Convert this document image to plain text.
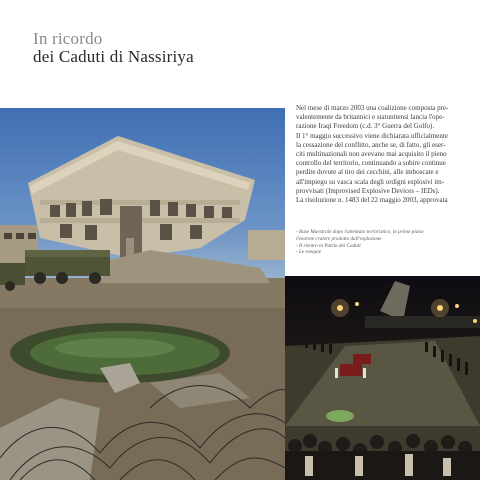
In ricordo
dei Caduti di Nassiriya

Nel mese di marzo 2003 una coalizione composta pre-

valentemente da britannici e statunitensi lancia l'ope-

razione Iraqi Freedom (c.d. 3° Guerra del Golfo).

Il 1° maggio successivo viene dichiarata ufficialmente

la cessazione del conflitto, anche se, di fatto, gli eser-

citi multinazionali non avevano mai acquisito il pieno

controllo del territorio, continuando a subire continue

perdite dovute al tiro dei cecchini, alle imboscate e

all'impiego su vasca scala degli ordigni esplosivi im-

provvisati (Improvised Explosive Devices – IEDs).

La risoluzione n. 1483 del 22 maggio 2003, approvata

- Base Maestrale dopo l'attentato terroristico, in primo piano
l'enorme cratere prodotto dall'esplosione
- Il rientro in Patria dei Caduti
- Le esequie
